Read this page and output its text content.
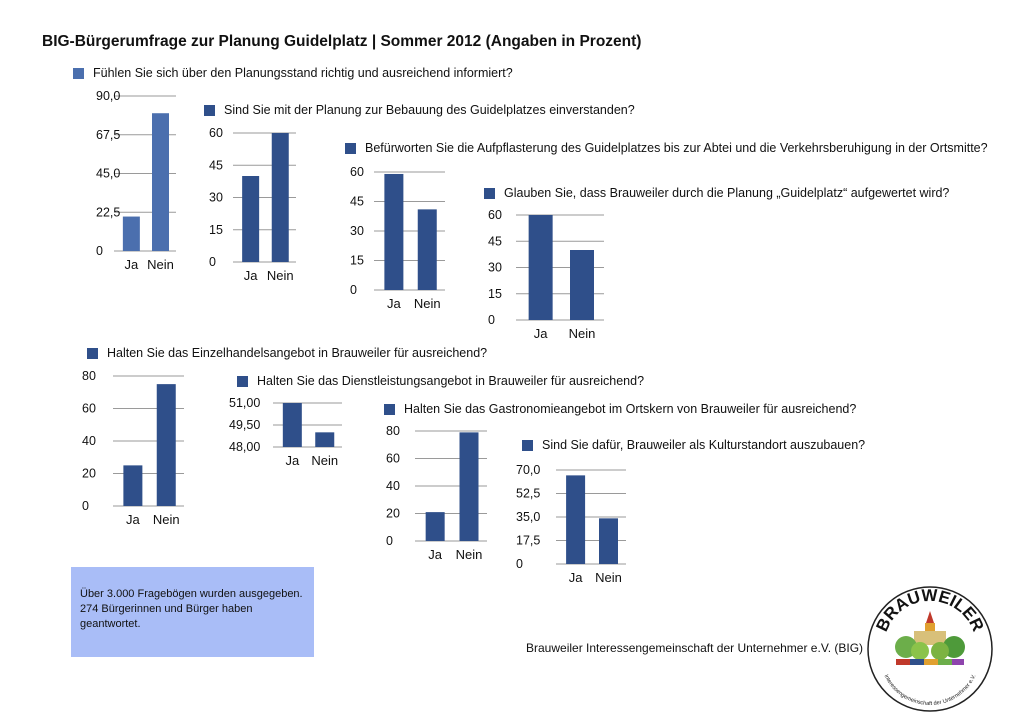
BIG-Bürgerumfrage zur Planung Guidelplatz | Sommer 2012 (Angaben in Prozent)
Fühlen Sie sich über den Planungsstand richtig und ausreichend informiert?
0
22,5
45,0
67,5
90,0
Ja Nein
Sind Sie mit der Planung zur Bebauung des Guidelplatzes einverstanden?
0
15
30
45
60
Ja Nein
Befürworten Sie die Aufpflasterung des Guidelplatzes bis zur Abtei und die Verkehrsberuhigung in der Ortsmitte?
0
15
30
45
60
Ja Nein
Glauben Sie, dass Brauweiler durch die Planung „Guidelplatz“ aufgewertet wird?
0
15
30
45
60
Ja Nein
Halten Sie das Einzelhandelsangebot in Brauweiler für ausreichend?
0
20
40
60
80
Ja Nein
Halten Sie das Dienstleistungsangebot in Brauweiler für ausreichend?
48,00
49,50
51,00
Ja Nein
Halten Sie das Gastronomieangebot im Ortskern von Brauweiler für ausreichend?
0
20
40
60
80
Ja Nein
Sind Sie dafür, Brauweiler als Kulturstandort auszubauen?
0
17,5
35,0
52,5
70,0
Ja Nein
Über 3.000 Fragebögen wurden ausgegeben.
274 Bürgerinnen und Bürger haben geantwortet.
Brauweiler Interessengemeinschaft der Unternehmer e.V. (BIG)
BRAUWEILER
Interessengemeinschaft der Unternehmer e.V.
